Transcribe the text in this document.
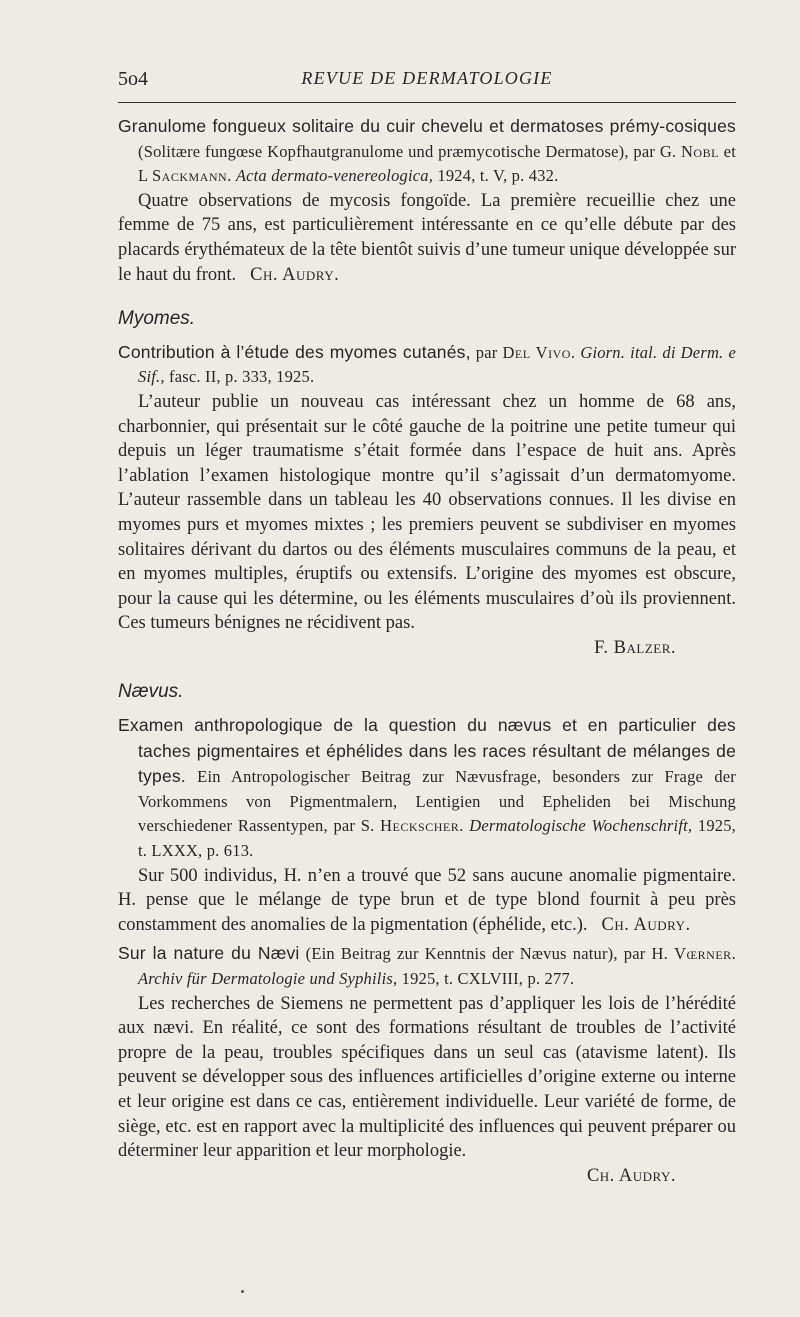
5o4	REVUE DE DERMATOLOGIE

Granulome fongueux solitaire du cuir chevelu et dermatoses prémy-cosiques (Solitære fungœse Kopfhautgranulome und præmycotische Dermatose), par G. Nobl et L Sackmann. Acta dermato-venereologica, 1924, t. V, p. 432.

Quatre observations de mycosis fongoïde. La première recueillie chez une femme de 75 ans, est particulièrement intéressante en ce qu’elle débute par des placards érythémateux de la tête bientôt suivis d’une tumeur unique développée sur le haut du front. Ch. Audry.

Myomes.

Contribution à l’étude des myomes cutanés, par Del Vivo. Giorn. ital. di Derm. e Sif., fasc. II, p. 333, 1925.

L’auteur publie un nouveau cas intéressant chez un homme de 68 ans, charbonnier, qui présentait sur le côté gauche de la poitrine une petite tumeur qui depuis un léger traumatisme s’était formée dans l’espace de huit ans. Après l’ablation l’examen histologique montre qu’il s’agissait d’un dermatomyome. L’auteur rassemble dans un tableau les 40 observations connues. Il les divise en myomes purs et myomes mixtes ; les premiers peuvent se subdiviser en myomes solitaires dérivant du dartos ou des éléments musculaires communs de la peau, et en myomes multiples, éruptifs ou extensifs. L’origine des myomes est obscure, pour la cause qui les détermine, ou les éléments musculaires d’où ils proviennent. Ces tumeurs bénignes ne récidivent pas.

F. Balzer.

Nævus.

Examen anthropologique de la question du nævus et en particulier des taches pigmentaires et éphélides dans les races résultant de mélanges de types. Ein Antropologischer Beitrag zur Nævusfrage, besonders zur Frage der Vorkommens von Pigmentmalern, Lentigien und Epheliden bei Mischung verschiedener Rassentypen, par S. Heckscher. Dermatologische Wochenschrift, 1925, t. LXXX, p. 613.

Sur 500 individus, H. n’en a trouvé que 52 sans aucune anomalie pigmentaire. H. pense que le mélange de type brun et de type blond fournit à peu près constamment des anomalies de la pigmentation (éphélide, etc.). Ch. Audry.

Sur la nature du Nævi (Ein Beitrag zur Kenntnis der Nævus natur), par H. Vœrner. Archiv für Dermatologie und Syphilis, 1925, t. CXLVIII, p. 277.

Les recherches de Siemens ne permettent pas d’appliquer les lois de l’hérédité aux nævi. En réalité, ce sont des formations résultant de troubles de l’activité propre de la peau, troubles spécifiques dans un seul cas (atavisme latent). Ils peuvent se développer sous des influences artificielles d’origine externe ou interne et leur origine est dans ce cas, entièrement individuelle. Leur variété de forme, de siège, etc. est en rapport avec la multiplicité des influences qui peuvent préparer ou déterminer leur apparition et leur morphologie.

Ch. Audry.
